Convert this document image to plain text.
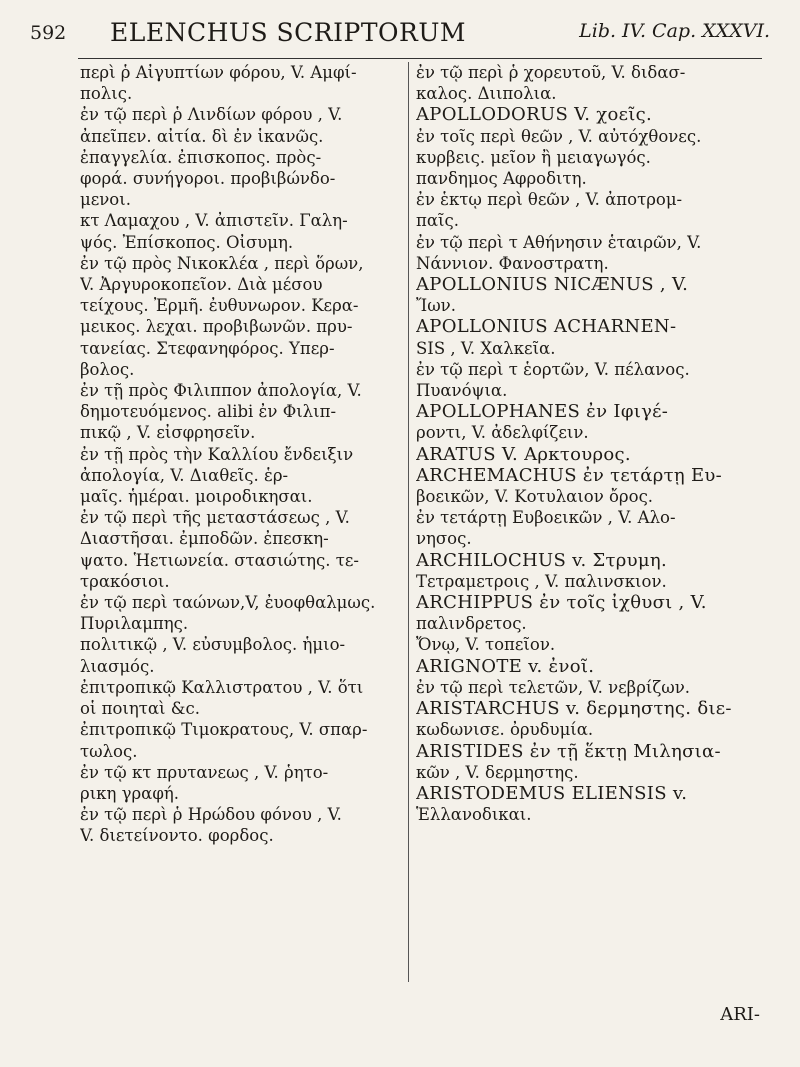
592 ELENCHUS SCRIPTORUM	Lib. IV. Cap. XXXVI.
περὶ ῥ Αἰγυπτίων φόρου, V. Αμφί-
πολις.
ἐν τῷ περὶ ῥ Λινδίων φόρου , V.
ἀπεῖπεν. αἰτία. δὶ ἐν ἱκανῶς.
ἐπαγγελία. ἐπισκοπος. πρὸς-
φορά. συνήγοροι. προβιβώνδο-
μενοι.
κτ Λαμαχου , V. ἀπιστεῖν. Γαλη-
ψός. Ἐπίσκοπος. Οἰσυμη.
ἐν τῷ πρὸς Νικοκλέα , περὶ ὅρων,
V. Ἀργυροκοπεῖον. Διὰ μέσου
τείχους. Ἐρμῆ. ἐυθυνωρον. Κερα-
μεικος. λεχαι. προβιβωνῶν. πρυ-
τανείας. Στεφανηφόρος. Υπερ-
βολος.
ἐν τῇ πρὸς Φιλιππον ἀπολογία, V.
δημοτευόμενος. alibi ἐν Φιλιπ-
πικῷ , V. εἰσφρησεῖν.
ἐν τῇ πρὸς τὴν Καλλίου ἔνδειξιν
ἀπολογία, V. Διαθεῖς. ἑρ-
μαῖς. ἡμέραι. μοιροδικησαι.
ἐν τῷ περὶ τῆς μεταστάσεως , V.
Διαστῆσαι. ἐμποδῶν. ἐπεσκη-
ψατο. Ἡετιωνεία. στασιώτης. τε-
τρακόσιοι.
ἐν τῷ περὶ ταώνων,V, ἐυοφθαλμως.
Πυριλαμπης.
πολιτικῷ , V. εὐσυμβολος. ἡμιο-
λιασμός.
ἐπιτροπικῷ Καλλιστρατου , V. ὅτι
οἱ ποιηταὶ &c.
ἐπιτροπικῷ Τιμοκρατους, V. σπαρ-
τωλος.
ἐν τῷ κτ πρυτανεως , V. ῥητο-
ρικη γραφή.
ἐν τῷ περὶ ῥ Ηρώδου φόνου , V.
V. διετείνοντο. φορδος.
ἐν τῷ περὶ ῥ χορευτοῦ, V. διδασ-
καλος. Διιπολια.
APOLLODORUS V. χοεῖς.
ἐν τοῖς περὶ θεῶν , V. αὐτόχθονες.
κυρβεις. μεῖον ἢ μειαγωγός.
πανδημος Αφροδιτη.
ἐν ἑκτῳ περὶ θεῶν , V. ἀποτρομ-
παῖς.
ἐν τῷ περὶ τ Αθήνησιν ἑταιρῶν, V.
Νάννιον. Φανοστρατη.
APOLLONIUS NICÆNUS , V.
Ἴων.
APOLLONIUS ACHARNEN-
SIS , V. Χαλκεῖα.
ἐν τῷ περὶ τ ἑορτῶν, V. πέλανος.
Πυανόψια.
APOLLOPHANES ἐν Ιφιγέ-
ροντι, V. ἀδελφίζειν.
ARATUS V. Αρκτουρος.
ARCHEMACHUS ἐν τετάρτῃ Ευ-
βοεικῶν, V. Κοτυλαιον ὄρος.
ἐν τετάρτῃ Ευβοεικῶν , V. Αλο-
νησος.
ARCHILOCHUS v. Στρυμη.
Τετραμετροις , V. παλινσκιον.
ARCHIPPUS ἐν τοῖς ἰχθυσι , V.
παλινδρετος.
Ὄνῳ, V. τοπεῖον.
ARIGNOTE v. ἐνοῖ.
ἐν τῷ περὶ τελετῶν, V. νεβρίζων.
ARISTARCHUS v. δερμηστης. διε-
κωδωνισε. ὀρυδυμία.
ARISTIDES ἐν τῇ ἕκτῃ Μιλησια-
κῶν , V. δερμηστης.
ARISTODEMUS ELIENSIS v.
Ἑλλανοδικαι.
ARI-
